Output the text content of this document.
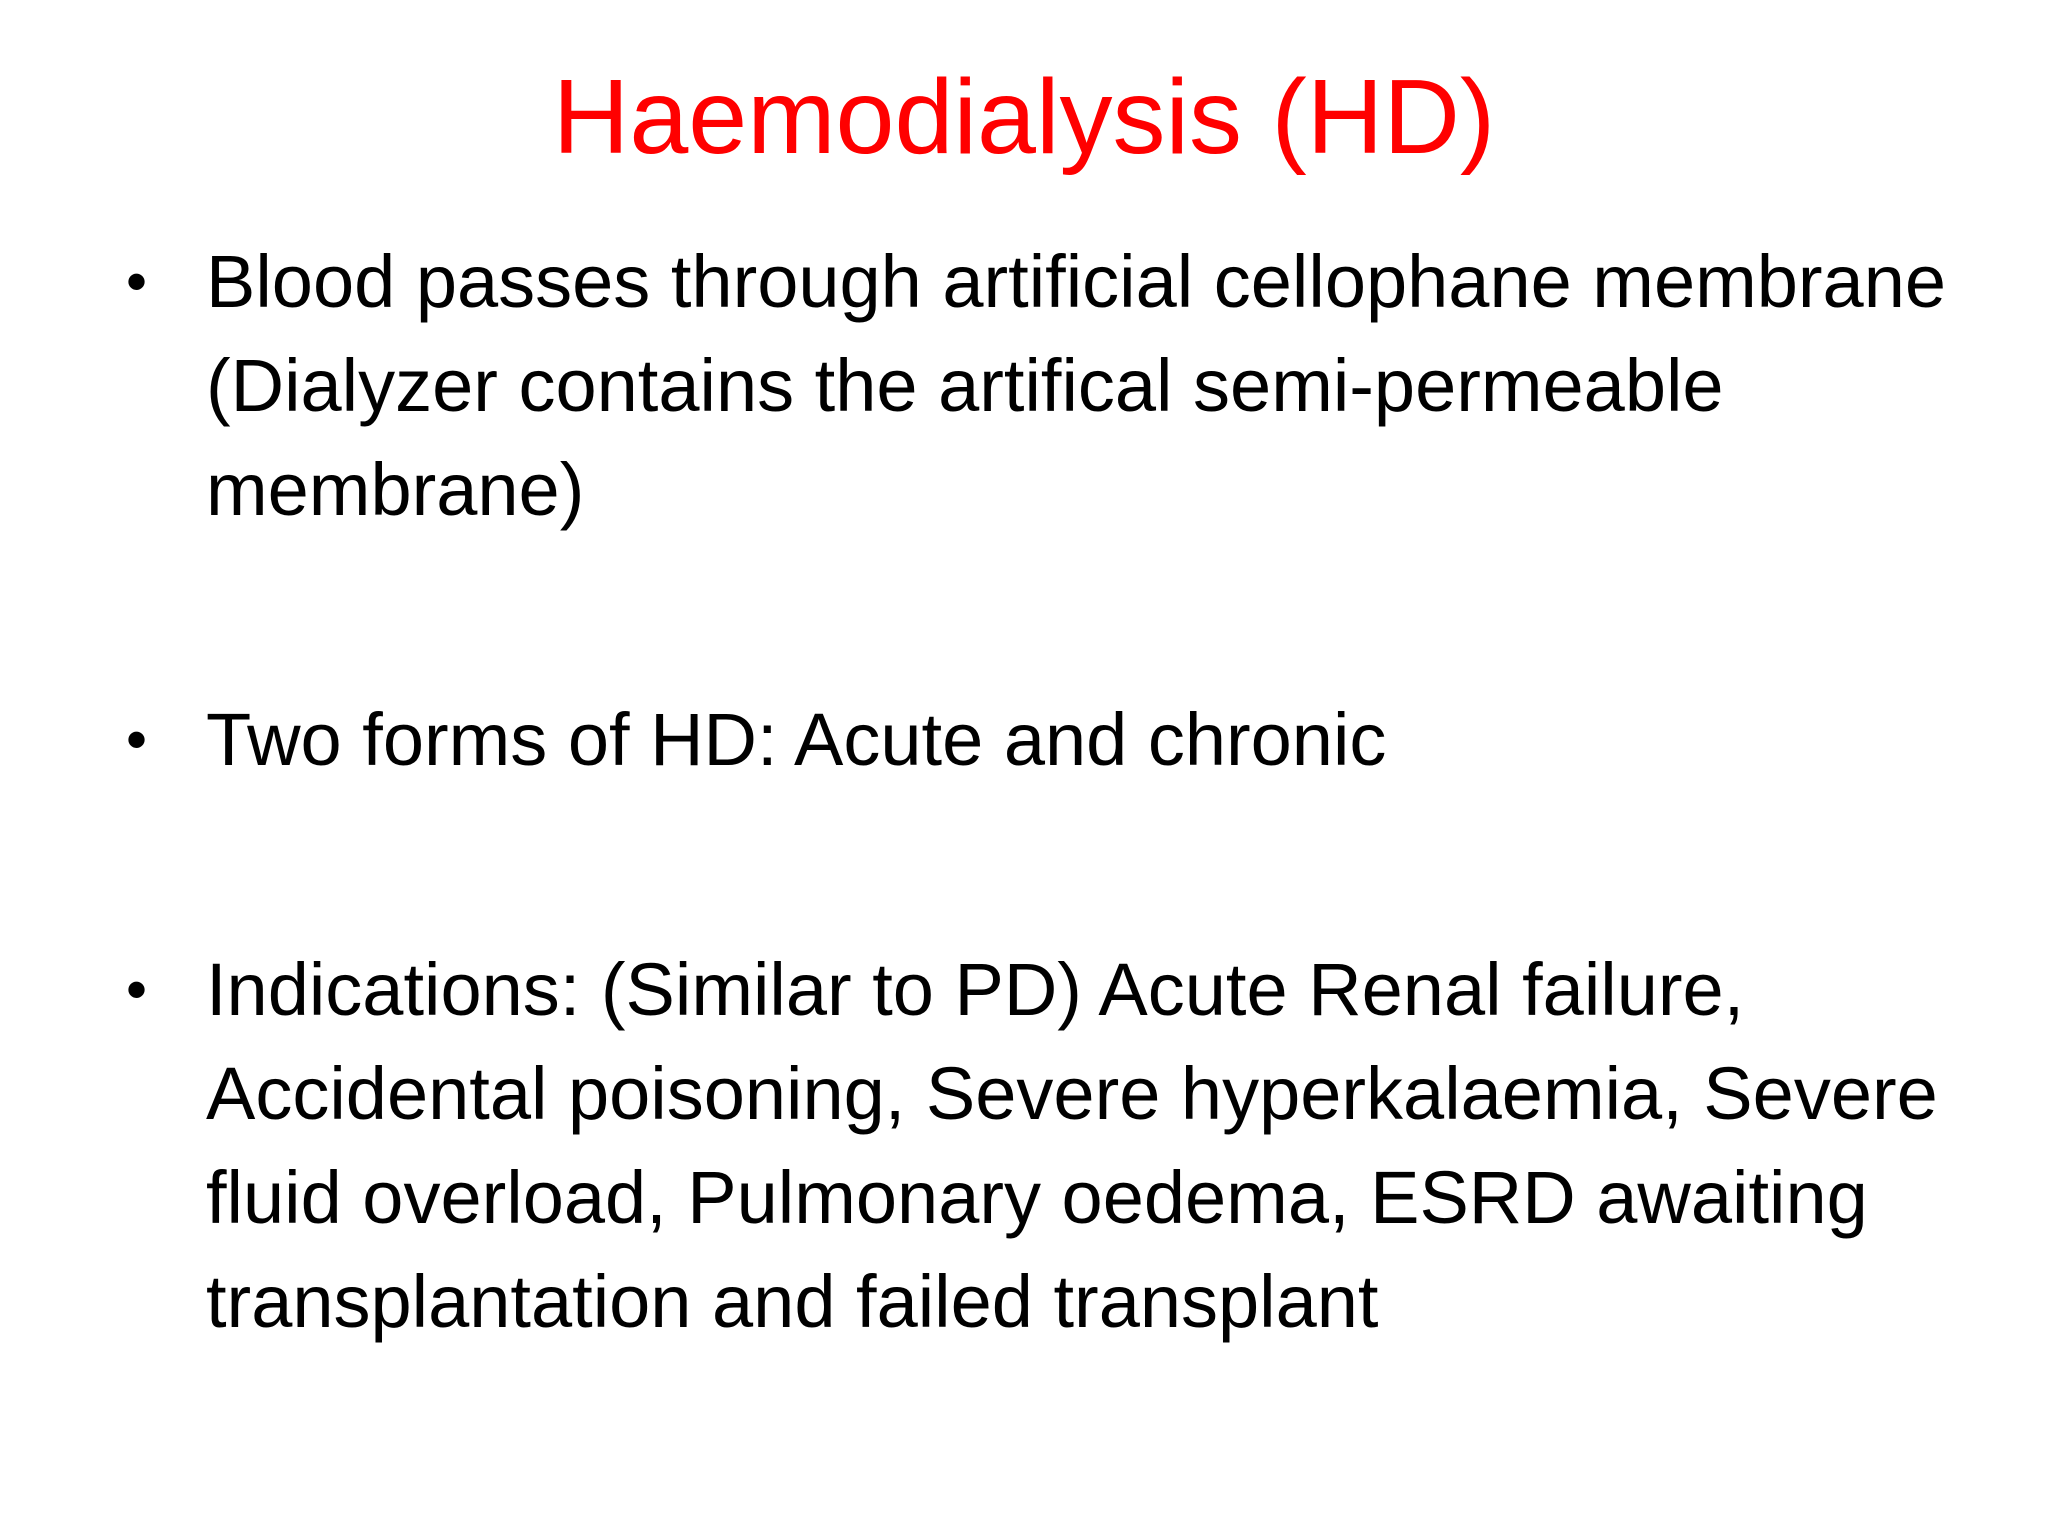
Haemodialysis (HD)
• Blood passes through artificial cellophane membrane (Dialyzer contains the artifical semi-permeable membrane)
• Two forms of HD: Acute and chronic
• Indications: (Similar to PD) Acute Renal failure, Accidental poisoning, Severe hyperkalaemia, Severe fluid overload, Pulmonary oedema, ESRD awaiting transplantation and failed transplant
